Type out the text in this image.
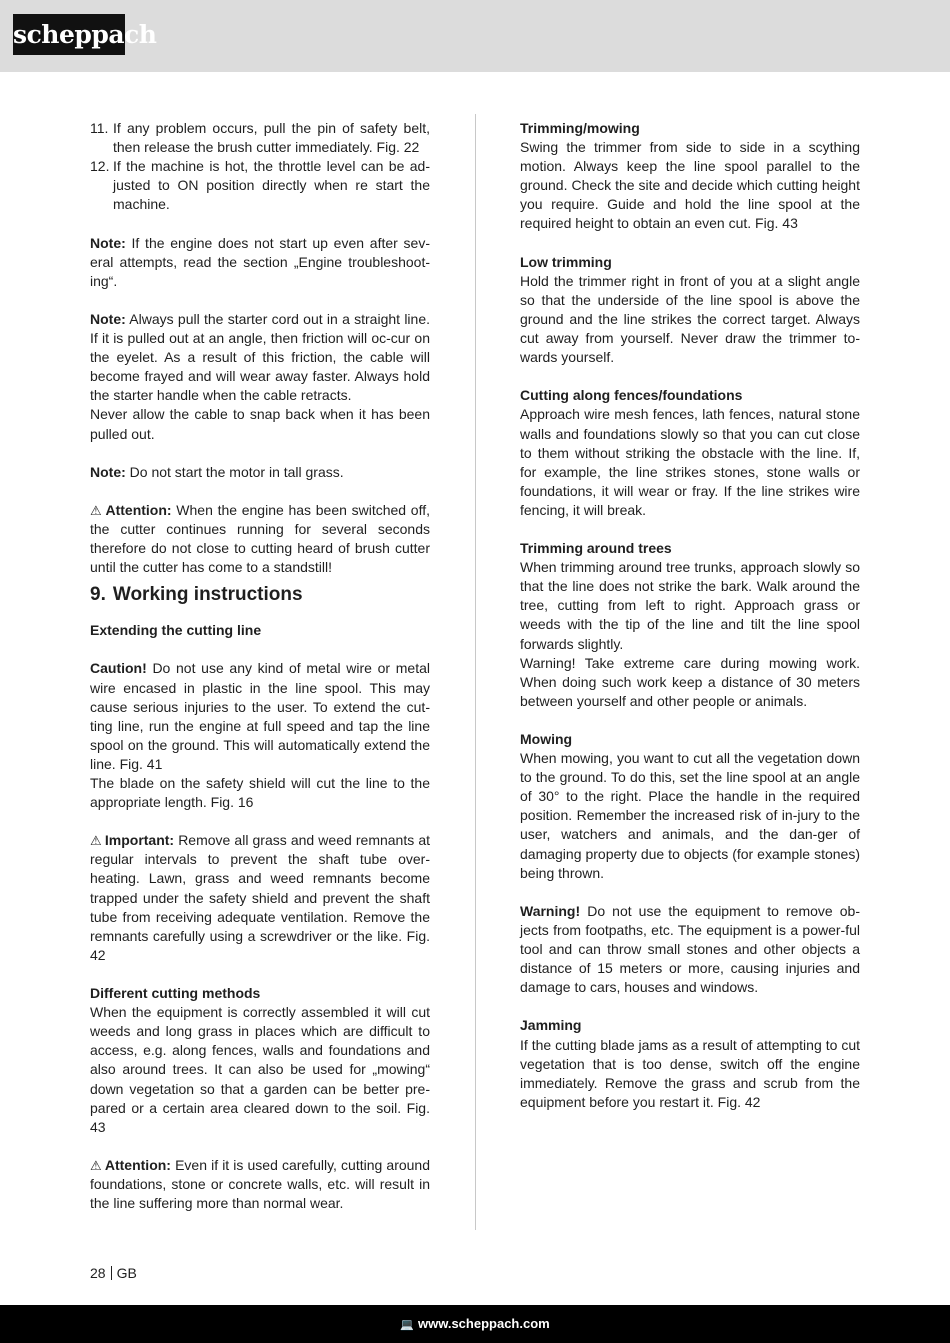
scheppach
11. If any problem occurs, pull the pin of safety belt, then release the brush cutter immediately. Fig. 22
12. If the machine is hot, the throttle level can be ad-justed to ON position directly when re start the machine.

Note: If the engine does not start up even after sev-eral attempts, read the section „Engine troubleshoot-ing“.

Note: Always pull the starter cord out in a straight line. If it is pulled out at an angle, then friction will oc-cur on the eyelet. As a result of this friction, the cable will become frayed and will wear away faster. Always hold the starter handle when the cable retracts.

Never allow the cable to snap back when it has been pulled out.

Note: Do not start the motor in tall grass.

⚠ Attention: When the engine has been switched off, the cutter continues running for several seconds therefore do not close to cutting heard of brush cutter until the cutter has come to a standstill!

9. Working instructions

Extending the cutting line

Caution! Do not use any kind of metal wire or metal wire encased in plastic in the line spool. This may cause serious injuries to the user. To extend the cut-ting line, run the engine at full speed and tap the line spool on the ground. This will automatically extend the line. Fig. 41

The blade on the safety shield will cut the line to the appropriate length. Fig. 16

⚠ Important: Remove all grass and weed remnants at regular intervals to prevent the shaft tube over-heating. Lawn, grass and weed remnants become trapped under the safety shield and prevent the shaft tube from receiving adequate ventilation. Remove the remnants carefully using a screwdriver or the like. Fig. 42

Different cutting methods

When the equipment is correctly assembled it will cut weeds and long grass in places which are difficult to access, e.g. along fences, walls and foundations and also around trees. It can also be used for „mowing“ down vegetation so that a garden can be better pre-pared or a certain area cleared down to the soil. Fig. 43

⚠ Attention: Even if it is used carefully, cutting around foundations, stone or concrete walls, etc. will result in the line suffering more than normal wear.

Trimming/mowing

Swing the trimmer from side to side in a scything motion. Always keep the line spool parallel to the ground. Check the site and decide which cutting height you require. Guide and hold the line spool at the required height to obtain an even cut. Fig. 43

Low trimming

Hold the trimmer right in front of you at a slight angle so that the underside of the line spool is above the ground and the line strikes the correct target. Always cut away from yourself. Never draw the trimmer to-wards yourself.

Cutting along fences/foundations

Approach wire mesh fences, lath fences, natural stone walls and foundations slowly so that you can cut close to them without striking the obstacle with the line. If, for example, the line strikes stones, stone walls or foundations, it will wear or fray. If the line strikes wire fencing, it will break.

Trimming around trees

When trimming around tree trunks, approach slowly so that the line does not strike the bark. Walk around the tree, cutting from left to right. Approach grass or weeds with the tip of the line and tilt the line spool forwards slightly.

Warning! Take extreme care during mowing work. When doing such work keep a distance of 30 meters between yourself and other people or animals.

Mowing

When mowing, you want to cut all the vegetation down to the ground. To do this, set the line spool at an angle of 30° to the right. Place the handle in the required position. Remember the increased risk of in-jury to the user, watchers and animals, and the dan-ger of damaging property due to objects (for example stones) being thrown.

Warning! Do not use the equipment to remove ob-jects from footpaths, etc. The equipment is a power-ful tool and can throw small stones and other objects a distance of 15 meters or more, causing injuries and damage to cars, houses and windows.

Jamming

If the cutting blade jams as a result of attempting to cut vegetation that is too dense, switch off the engine immediately. Remove the grass and scrub from the equipment before you restart it. Fig. 42

28 GB
💻 www.scheppach.com
